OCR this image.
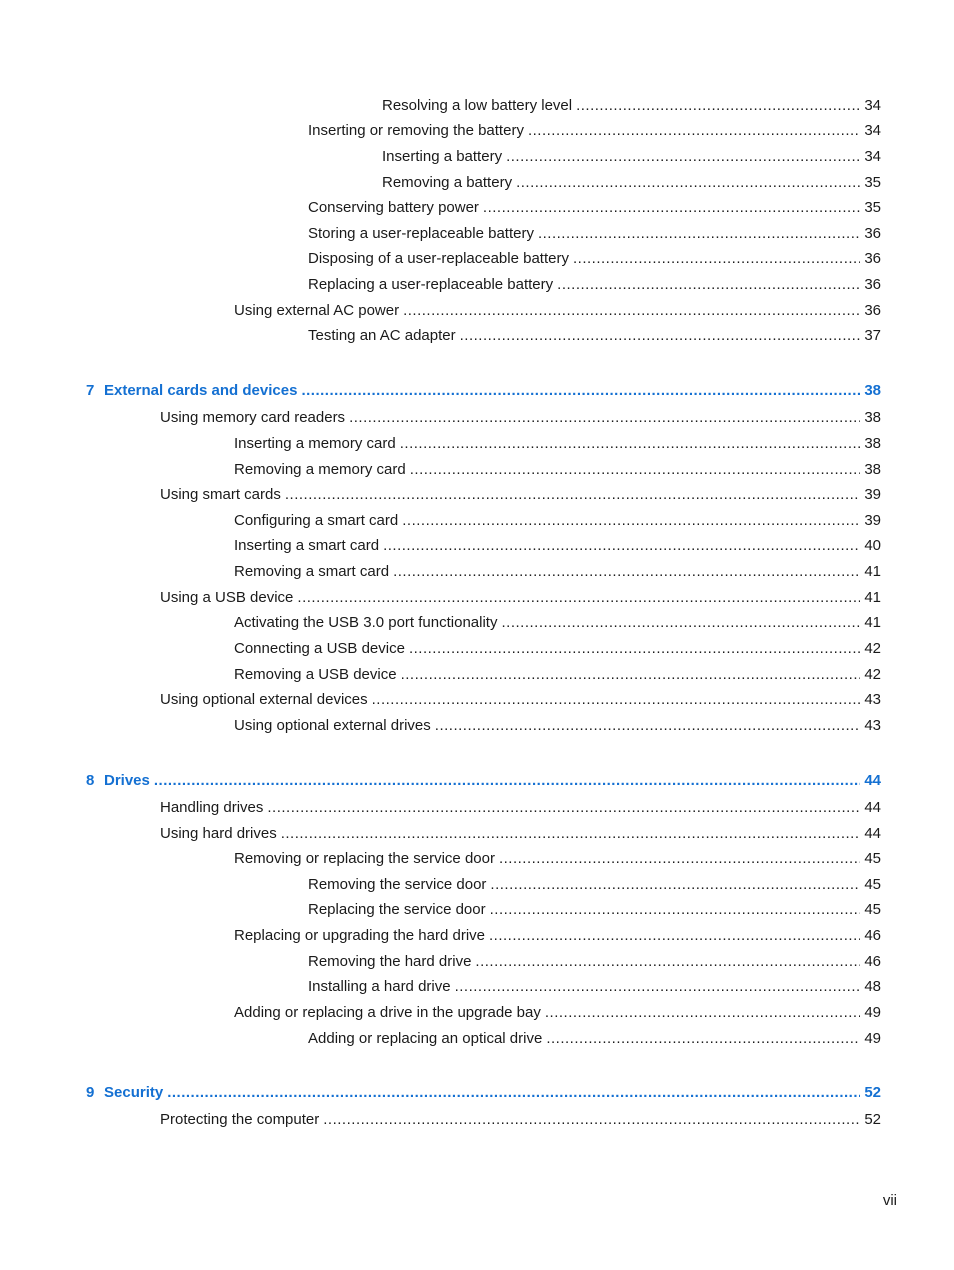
Resolving a low battery level .....	34
Inserting or removing the battery .....	34
Inserting a battery .....	34
Removing a battery .....	35
Conserving battery power .....	35
Storing a user-replaceable battery .....	36
Disposing of a user-replaceable battery .....	36
Replacing a user-replaceable battery .....	36
Using external AC power .....	36
Testing an AC adapter .....	37
7 External cards and devices .....	38
Using memory card readers .....	38
Inserting a memory card .....	38
Removing a memory card .....	38
Using smart cards .....	39
Configuring a smart card .....	39
Inserting a smart card .....	40
Removing a smart card .....	41
Using a USB device .....	41
Activating the USB 3.0 port functionality .....	41
Connecting a USB device .....	42
Removing a USB device .....	42
Using optional external devices .....	43
Using optional external drives .....	43
8 Drives .....	44
Handling drives .....	44
Using hard drives .....	44
Removing or replacing the service door .....	45
Removing the service door .....	45
Replacing the service door .....	45
Replacing or upgrading the hard drive .....	46
Removing the hard drive .....	46
Installing a hard drive .....	48
Adding or replacing a drive in the upgrade bay .....	49
Adding or replacing an optical drive .....	49
9 Security .....	52
Protecting the computer .....	52
vii
